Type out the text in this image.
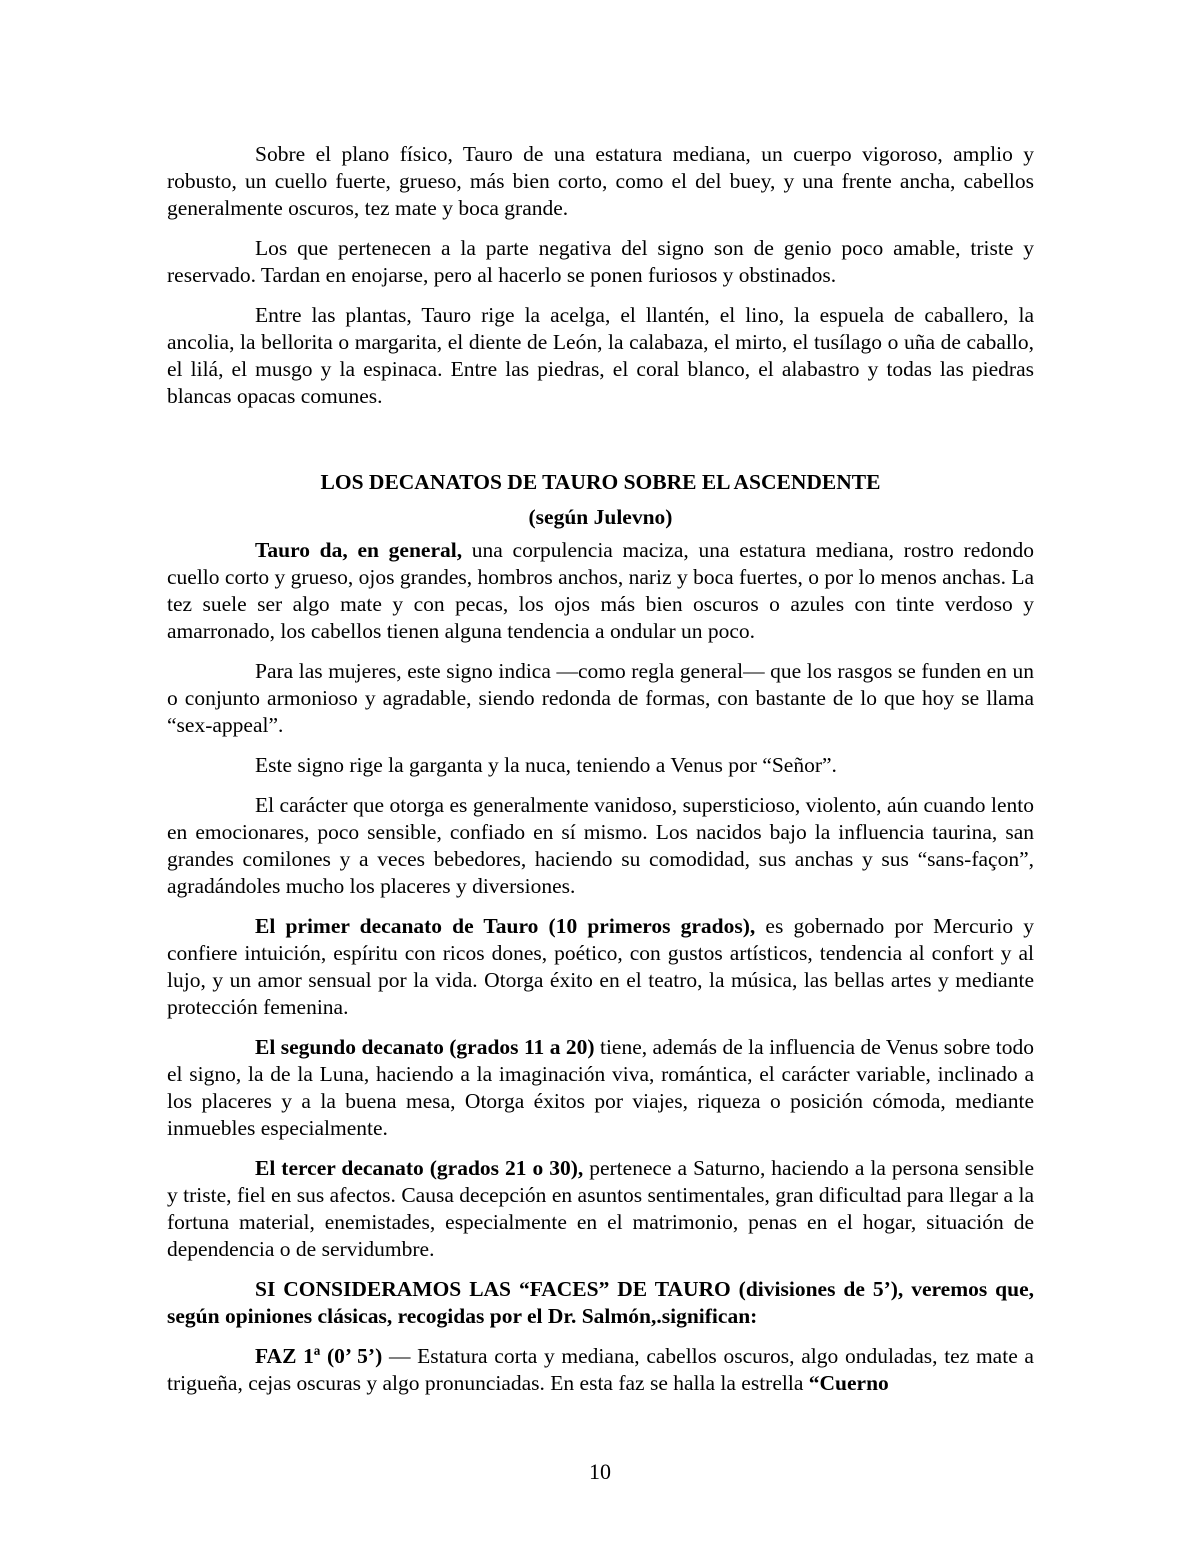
Sobre el plano físico, Tauro de una estatura mediana, un cuerpo vigoroso, amplio y robusto, un cuello fuerte, grueso, más bien corto, como el del buey, y una frente ancha, cabellos generalmente oscuros, tez mate y boca grande.

Los que pertenecen a la parte negativa del signo son de genio poco amable, triste y reservado. Tardan en enojarse, pero al hacerlo se ponen furiosos y obstinados.

Entre las plantas, Tauro rige la acelga, el llantén, el lino, la espuela de caballero, la ancolia, la bellorita o margarita, el diente de León, la calabaza, el mirto, el tusílago o uña de caballo, el lilá, el musgo y la espinaca. Entre las piedras, el coral blanco, el alabastro y todas las piedras blancas opacas comunes.

LOS DECANATOS DE TAURO SOBRE EL ASCENDENTE
(según Julevno)

Tauro da, en general, una corpulencia maciza, una estatura mediana, rostro redondo cuello corto y grueso, ojos grandes, hombros anchos, nariz y boca fuertes, o por lo menos anchas. La tez suele ser algo mate y con pecas, los ojos más bien oscuros o azules con tinte verdoso y amarronado, los cabellos tienen alguna tendencia a ondular un poco.

Para las mujeres, este signo indica —como regla general— que los rasgos se funden en un o conjunto armonioso y agradable, siendo redonda de formas, con bastante de lo que hoy se llama “sex-appeal”.

Este signo rige la garganta y la nuca, teniendo a Venus por “Señor”.

El carácter que otorga es generalmente vanidoso, supersticioso, violento, aún cuando lento en emocionares, poco sensible, confiado en sí mismo. Los nacidos bajo la influencia taurina, san grandes comilones y a veces bebedores, haciendo su comodidad, sus anchas y sus “sans-façon”, agradándoles mucho los placeres y diversiones.

El primer decanato de Tauro (10 primeros grados), es gobernado por Mercurio y confiere intuición, espíritu con ricos dones, poético, con gustos artísticos, tendencia al confort y al lujo, y un amor sensual por la vida. Otorga éxito en el teatro, la música, las bellas artes y mediante protección femenina.

El segundo decanato (grados 11 a 20) tiene, además de la influencia de Venus sobre todo el signo, la de la Luna, haciendo a la imaginación viva, romántica, el carácter variable, inclinado a los placeres y a la buena mesa, Otorga éxitos por viajes, riqueza o posición cómoda, mediante inmuebles especialmente.

El tercer decanato (grados 21 o 30), pertenece a Saturno, haciendo a la persona sensible y triste, fiel en sus afectos. Causa decepción en asuntos sentimentales, gran dificultad para llegar a la fortuna material, enemistades, especialmente en el matrimonio, penas en el hogar, situación de dependencia o de servidumbre.

SI CONSIDERAMOS LAS “FACES” DE TAURO (divisiones de 5’), veremos que, según opiniones clásicas, recogidas por el Dr. Salmón,.significan:

FAZ 1ª (0’ 5’) — Estatura corta y mediana, cabellos oscuros, algo onduladas, tez mate a trigueña, cejas oscuras y algo pronunciadas. En esta faz se halla la estrella “Cuerno

10
